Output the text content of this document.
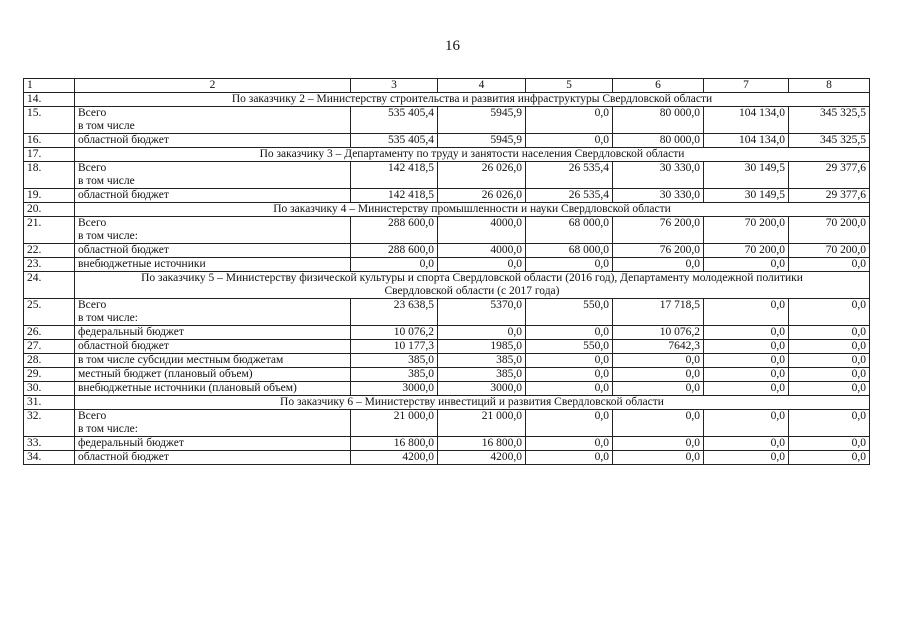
16
1	2	3	4	5	6	7	8
14.	По заказчику 2 – Министерству строительства и развития инфраструктуры Свердловской области						

15.	Всего
в том числе	535 405,4	5945,9	0,0	80 000,0	104 134,0	345 325,5
16.	областной бюджет	535 405,4	5945,9	0,0	80 000,0	104 134,0	345 325,5
17.	По заказчику 3 – Департаменту по труду и занятости населения Свердловской области						

18.	Всего
в том числе	142 418,5	26 026,0	26 535,4	30 330,0	30 149,5	29 377,6
19.	областной бюджет	142 418,5	26 026,0	26 535,4	30 330,0	30 149,5	29 377,6
20.	По заказчику 4 – Министерству промышленности и науки Свердловской области						

21.	Всего
в том числе:	288 600,0	4000,0	68 000,0	76 200,0	70 200,0	70 200,0
22.	областной бюджет	288 600,0	4000,0	68 000,0	76 200,0	70 200,0	70 200,0
23.	внебюджетные источники	0,0	0,0	0,0	0,0	0,0	0,0
24.	По заказчику 5 – Министерству физической культуры и спорта Свердловской области (2016 год), Департаменту молодежной политики
Свердловской области (с 2017 года)						

25.	Всего
в том числе:	23 638,5	5370,0	550,0	17 718,5	0,0	0,0
26.	федеральный бюджет	10 076,2	0,0	0,0	10 076,2	0,0	0,0
27.	областной бюджет	10 177,3	1985,0	550,0	7642,3	0,0	0,0
28.	в том числе субсидии местным бюджетам	385,0	385,0	0,0	0,0	0,0	0,0
29.	местный бюджет (плановый объем)	385,0	385,0	0,0	0,0	0,0	0,0
30.	внебюджетные источники (плановый объем)	3000,0	3000,0	0,0	0,0	0,0	0,0
31.	По заказчику 6 – Министерству инвестиций и развития Свердловской области						

32.	Всего
в том числе:	21 000,0	21 000,0	0,0	0,0	0,0	0,0
33.	федеральный бюджет	16 800,0	16 800,0	0,0	0,0	0,0	0,0
34.	областной бюджет	4200,0	4200,0	0,0	0,0	0,0	0,0
